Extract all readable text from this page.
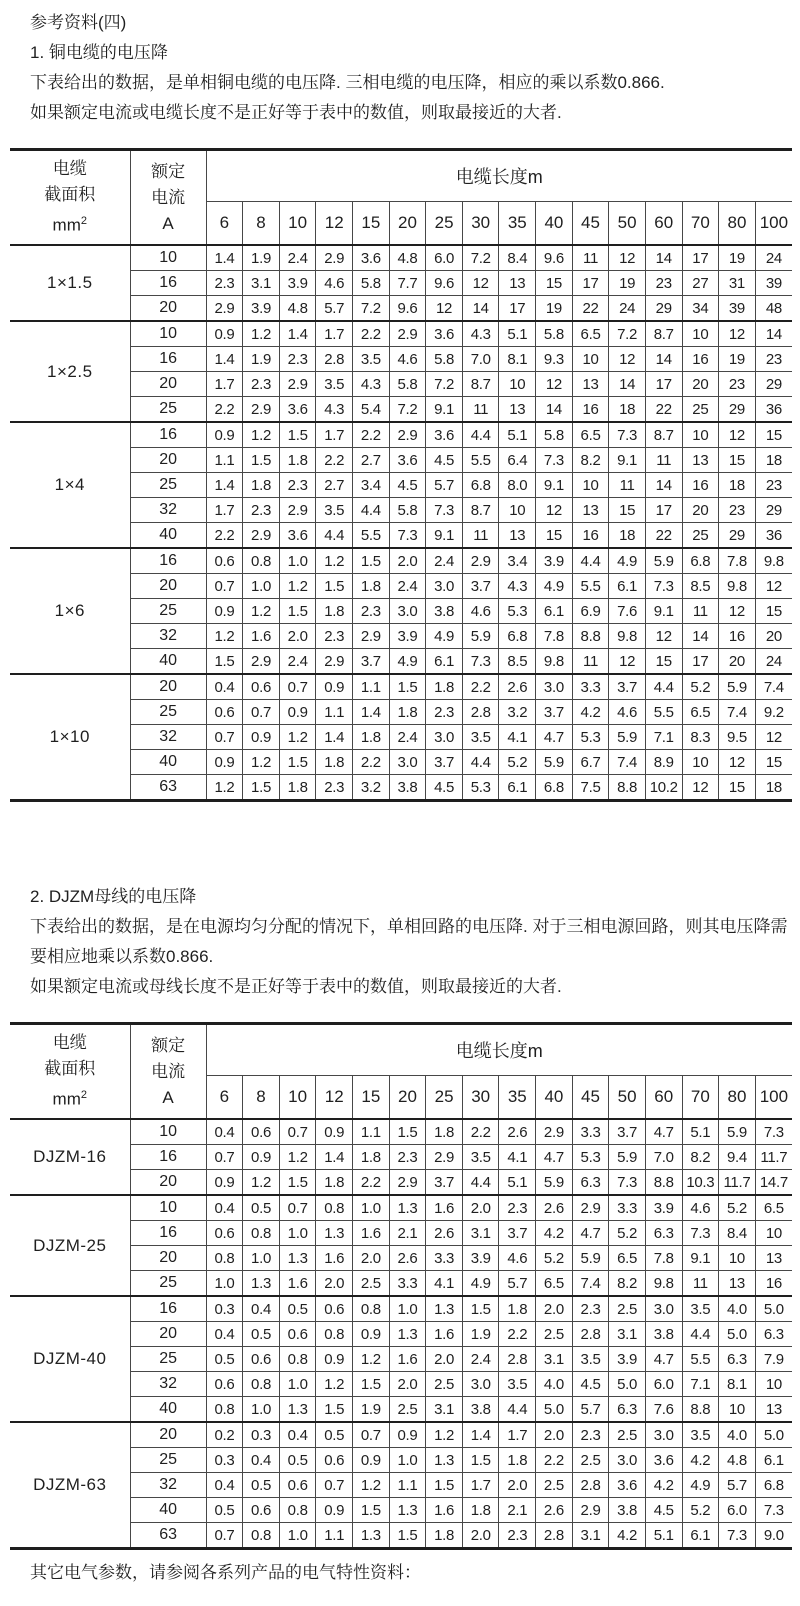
参考资料(四)

1. 铜电缆的电压降

下表给出的数据，是单相铜电缆的电压降. 三相电缆的电压降，相应的乘以系数0.866.

如果额定电流或电缆长度不是正好等于表中的数值，则取最接近的大者.

电缆
截面积
$mm^2$

额定
电流
A
	电缆长度m
		6	8	10	12	15	20	25	30	35	40	45	50	60	70	80	100
1×1.5	10	1.4	1.9	2.4	2.9	3.6	4.8	6.0	7.2	8.4	9.6	11	12	14	17	19	24
	16	2.3	3.1	3.9	4.6	5.8	7.7	9.6	12	13	15	17	19	23	27	31	39
	20	2.9	3.9	4.8	5.7	7.2	9.6	12	14	17	19	22	24	29	34	39	48
1×2.5	10	0.9	1.2	1.4	1.7	2.2	2.9	3.6	4.3	5.1	5.8	6.5	7.2	8.7	10	12	14
	16	1.4	1.9	2.3	2.8	3.5	4.6	5.8	7.0	8.1	9.3	10	12	14	16	19	23
	20	1.7	2.3	2.9	3.5	4.3	5.8	7.2	8.7	10	12	13	14	17	20	23	29
	25	2.2	2.9	3.6	4.3	5.4	7.2	9.1	11	13	14	16	18	22	25	29	36
1×4	16	0.9	1.2	1.5	1.7	2.2	2.9	3.6	4.4	5.1	5.8	6.5	7.3	8.7	10	12	15
	20	1.1	1.5	1.8	2.2	2.7	3.6	4.5	5.5	6.4	7.3	8.2	9.1	11	13	15	18
	25	1.4	1.8	2.3	2.7	3.4	4.5	5.7	6.8	8.0	9.1	10	11	14	16	18	23
	32	1.7	2.3	2.9	3.5	4.4	5.8	7.3	8.7	10	12	13	15	17	20	23	29
	40	2.2	2.9	3.6	4.4	5.5	7.3	9.1	11	13	15	16	18	22	25	29	36
1×6	16	0.6	0.8	1.0	1.2	1.5	2.0	2.4	2.9	3.4	3.9	4.4	4.9	5.9	6.8	7.8	9.8
	20	0.7	1.0	1.2	1.5	1.8	2.4	3.0	3.7	4.3	4.9	5.5	6.1	7.3	8.5	9.8	12
	25	0.9	1.2	1.5	1.8	2.3	3.0	3.8	4.6	5.3	6.1	6.9	7.6	9.1	11	12	15
	32	1.2	1.6	2.0	2.3	2.9	3.9	4.9	5.9	6.8	7.8	8.8	9.8	12	14	16	20
	40	1.5	2.9	2.4	2.9	3.7	4.9	6.1	7.3	8.5	9.8	11	12	15	17	20	24
1×10	20	0.4	0.6	0.7	0.9	1.1	1.5	1.8	2.2	2.6	3.0	3.3	3.7	4.4	5.2	5.9	7.4
	25	0.6	0.7	0.9	1.1	1.4	1.8	2.3	2.8	3.2	3.7	4.2	4.6	5.5	6.5	7.4	9.2
	32	0.7	0.9	1.2	1.4	1.8	2.4	3.0	3.5	4.1	4.7	5.3	5.9	7.1	8.3	9.5	12
	40	0.9	1.2	1.5	1.8	2.2	3.0	3.7	4.4	5.2	5.9	6.7	7.4	8.9	10	12	15
	63	1.2	1.5	1.8	2.3	3.2	3.8	4.5	5.3	6.1	6.8	7.5	8.8	10.2	12	15	18

2. DJZM母线的电压降

下表给出的数据，是在电源均匀分配的情况下，单相回路的电压降. 对于三相电源回路，则其电压降需要相应地乘以系数0.866.

如果额定电流或母线长度不是正好等于表中的数值，则取最接近的大者.

电缆
截面积
$mm^2$

额定
电流
A
	电缆长度m
		6	8	10	12	15	20	25	30	35	40	45	50	60	70	80	100
DJZM-16	10	0.4	0.6	0.7	0.9	1.1	1.5	1.8	2.2	2.6	2.9	3.3	3.7	4.7	5.1	5.9	7.3
	16	0.7	0.9	1.2	1.4	1.8	2.3	2.9	3.5	4.1	4.7	5.3	5.9	7.0	8.2	9.4	11.7
	20	0.9	1.2	1.5	1.8	2.2	2.9	3.7	4.4	5.1	5.9	6.3	7.3	8.8	10.3	11.7	14.7
DJZM-25	10	0.4	0.5	0.7	0.8	1.0	1.3	1.6	2.0	2.3	2.6	2.9	3.3	3.9	4.6	5.2	6.5
	16	0.6	0.8	1.0	1.3	1.6	2.1	2.6	3.1	3.7	4.2	4.7	5.2	6.3	7.3	8.4	10
	20	0.8	1.0	1.3	1.6	2.0	2.6	3.3	3.9	4.6	5.2	5.9	6.5	7.8	9.1	10	13
	25	1.0	1.3	1.6	2.0	2.5	3.3	4.1	4.9	5.7	6.5	7.4	8.2	9.8	11	13	16
DJZM-40	16	0.3	0.4	0.5	0.6	0.8	1.0	1.3	1.5	1.8	2.0	2.3	2.5	3.0	3.5	4.0	5.0
	20	0.4	0.5	0.6	0.8	0.9	1.3	1.6	1.9	2.2	2.5	2.8	3.1	3.8	4.4	5.0	6.3
	25	0.5	0.6	0.8	0.9	1.2	1.6	2.0	2.4	2.8	3.1	3.5	3.9	4.7	5.5	6.3	7.9
	32	0.6	0.8	1.0	1.2	1.5	2.0	2.5	3.0	3.5	4.0	4.5	5.0	6.0	7.1	8.1	10
	40	0.8	1.0	1.3	1.5	1.9	2.5	3.1	3.8	4.4	5.0	5.7	6.3	7.6	8.8	10	13
DJZM-63	20	0.2	0.3	0.4	0.5	0.7	0.9	1.2	1.4	1.7	2.0	2.3	2.5	3.0	3.5	4.0	5.0
	25	0.3	0.4	0.5	0.6	0.9	1.0	1.3	1.5	1.8	2.2	2.5	3.0	3.6	4.2	4.8	6.1
	32	0.4	0.5	0.6	0.7	1.2	1.1	1.5	1.7	2.0	2.5	2.8	3.6	4.2	4.9	5.7	6.8
	40	0.5	0.6	0.8	0.9	1.5	1.3	1.6	1.8	2.1	2.6	2.9	3.8	4.5	5.2	6.0	7.3
	63	0.7	0.8	1.0	1.1	1.3	1.5	1.8	2.0	2.3	2.8	3.1	4.2	5.1	6.1	7.3	9.0

其它电气参数，请参阅各系列产品的电气特性资料：
